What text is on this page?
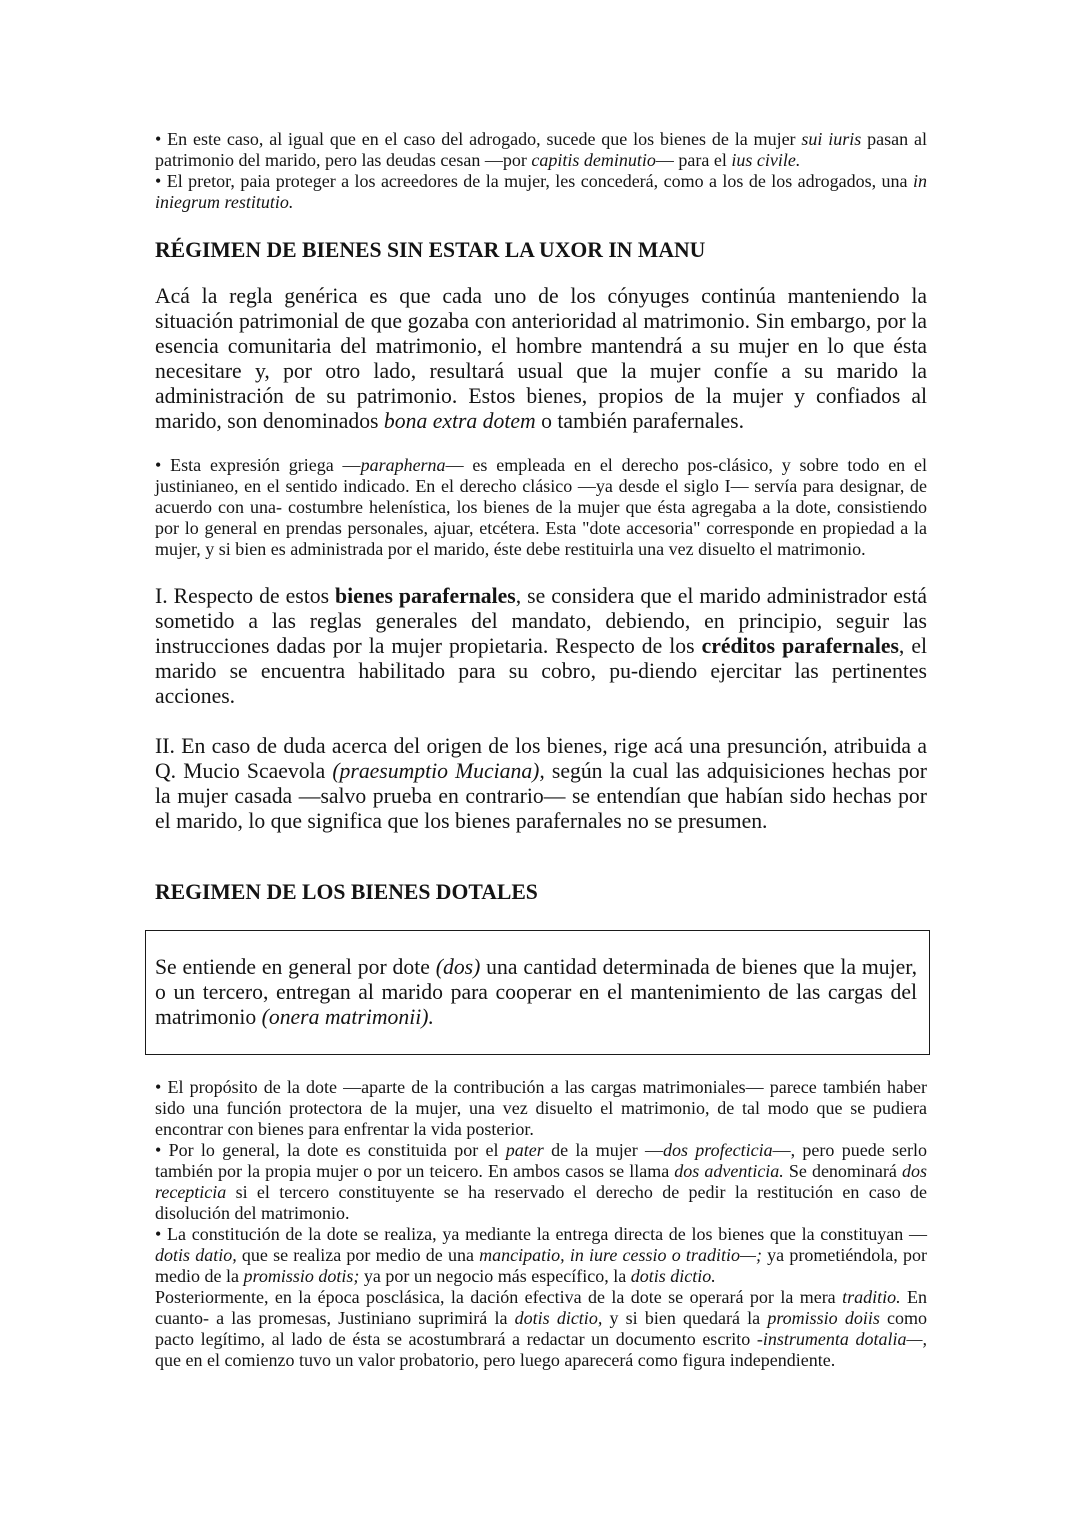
• En este caso, al igual que en el caso del adrogado, sucede que los bienes de la mujer sui iuris pasan al patrimonio del marido, pero las deudas cesan —por capitis deminutio— para el ius civile.

• El pretor, paia proteger a los acreedores de la mujer, les concederá, como a los de los adrogados, una in iniegrum restitutio.

RÉGIMEN DE BIENES SIN ESTAR LA UXOR IN MANU

Acá la regla genérica es que cada uno de los cónyuges continúa manteniendo la situación patrimonial de que gozaba con anterioridad al matrimonio. Sin embargo, por la esencia comunitaria del matrimonio, el hombre mantendrá a su mujer en lo que ésta necesitare y, por otro lado, resultará usual que la mujer confíe a su marido la administración de su patrimonio. Estos bienes, propios de la mujer y confiados al marido, son denominados bona extra dotem o también parafernales.

• Esta expresión griega —parapherna— es empleada en el derecho pos-clásico, y sobre todo en el justinianeo, en el sentido indicado. En el derecho clásico —ya desde el siglo I— servía para designar, de acuerdo con una- costumbre helenística, los bienes de la mujer que ésta agregaba a la dote, consistiendo por lo general en prendas personales, ajuar, etcétera. Esta "dote accesoria" corresponde en propiedad a la mujer, y si bien es administrada por el marido, éste debe restituirla una vez disuelto el matrimonio.

I. Respecto de estos bienes parafernales, se considera que el marido administrador está sometido a las reglas generales del mandato, debiendo, en principio, seguir las instrucciones dadas por la mujer propietaria. Respecto de los créditos parafernales, el marido se encuentra habilitado para su cobro, pu-diendo ejercitar las pertinentes acciones.

II. En caso de duda acerca del origen de los bienes, rige acá una presunción, atribuida a Q. Mucio Scaevola (praesumptio Muciana), según la cual las adquisiciones hechas por la mujer casada —salvo prueba en contrario— se entendían que habían sido hechas por el marido, lo que significa que los bienes parafernales no se presumen.

REGIMEN DE LOS BIENES DOTALES

Se entiende en general por dote (dos) una cantidad determinada de bienes que la mujer, o un tercero, entregan al marido para cooperar en el mantenimiento de las cargas del matrimonio (onera matrimonii).

• El propósito de la dote —aparte de la contribución a las cargas matrimoniales— parece también haber sido una función protectora de la mujer, una vez disuelto el matrimonio, de tal modo que se pudiera encontrar con bienes para enfrentar la vida posterior.

• Por lo general, la dote es constituida por el pater de la mujer —dos profecticia—, pero puede serlo también por la propia mujer o por un teicero. En ambos casos se llama dos adventicia. Se denominará dos recepticia si el tercero constituyente se ha reservado el derecho de pedir la restitución en caso de disolución del matrimonio.

• La constitución de la dote se realiza, ya mediante la entrega directa de los bienes que la constituyan —dotis datio, que se realiza por medio de una mancipatio, in iure cessio o traditio—; ya prometiéndola, por medio de la promissio dotis; ya por un negocio más específico, la dotis dictio.

Posteriormente, en la época posclásica, la dación efectiva de la dote se operará por la mera traditio. En cuanto- a las promesas, Justiniano suprimirá la dotis dictio, y si bien quedará la promissio doiis como pacto legítimo, al lado de ésta se acostumbrará a redactar un documento escrito -instrumenta dotalia—, que en el comienzo tuvo un valor probatorio, pero luego aparecerá como figura independiente.
